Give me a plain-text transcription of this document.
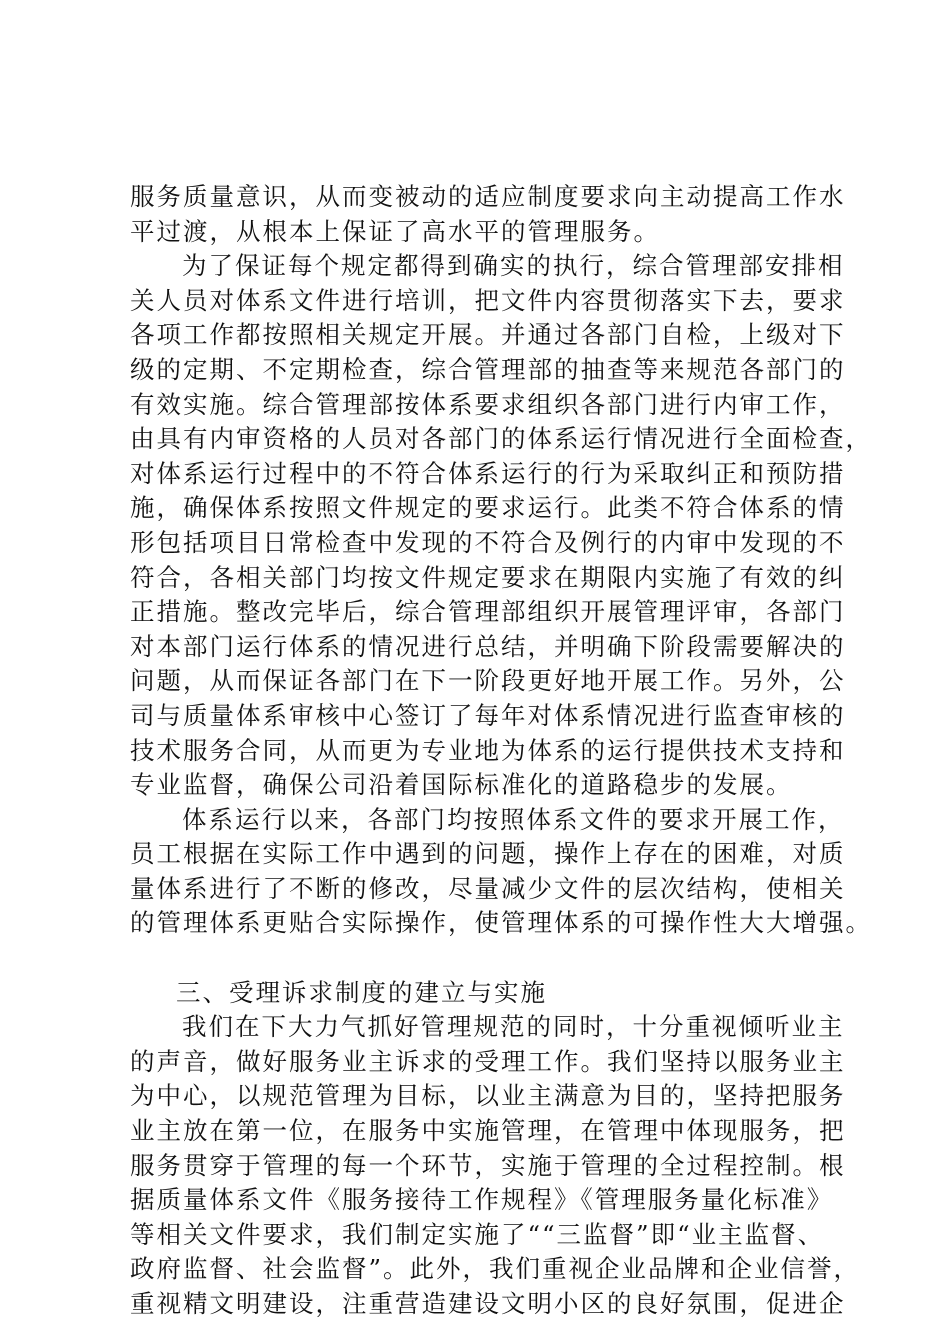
服务质量意识，从而变被动的适应制度要求向主动提高工作水
平过渡，从根本上保证了高水平的管理服务。
为了保证每个规定都得到确实的执行，综合管理部安排相
关人员对体系文件进行培训，把文件内容贯彻落实下去，要求
各项工作都按照相关规定开展。并通过各部门自检，上级对下
级的定期、不定期检查，综合管理部的抽查等来规范各部门的
有效实施。综合管理部按体系要求组织各部门进行内审工作，
由具有内审资格的人员对各部门的体系运行情况进行全面检查，
对体系运行过程中的不符合体系运行的行为采取纠正和预防措
施，确保体系按照文件规定的要求运行。此类不符合体系的情
形包括项目日常检查中发现的不符合及例行的内审中发现的不
符合，各相关部门均按文件规定要求在期限内实施了有效的纠
正措施。整改完毕后，综合管理部组织开展管理评审，各部门
对本部门运行体系的情况进行总结，并明确下阶段需要解决的
问题，从而保证各部门在下一阶段更好地开展工作。另外，公
司与质量体系审核中心签订了每年对体系情况进行监查审核的
技术服务合同，从而更为专业地为体系的运行提供技术支持和
专业监督，确保公司沿着国际标准化的道路稳步的发展。
体系运行以来，各部门均按照体系文件的要求开展工作，
员工根据在实际工作中遇到的问题，操作上存在的困难，对质
量体系进行了不断的修改，尽量减少文件的层次结构，使相关
的管理体系更贴合实际操作，使管理体系的可操作性大大增强。
三、受理诉求制度的建立与实施
我们在下大力气抓好管理规范的同时，十分重视倾听业主
的声音，做好服务业主诉求的受理工作。我们坚持以服务业主
为中心，以规范管理为目标，以业主满意为目的，坚持把服务
业主放在第一位，在服务中实施管理，在管理中体现服务，把
服务贯穿于管理的每一个环节，实施于管理的全过程控制。根
据质量体系文件《服务接待工作规程》《管理服务量化标准》
等相关文件要求，我们制定实施了““三监督”即“业主监督、
政府监督、社会监督”。此外，我们重视企业品牌和企业信誉，
重视精文明建设，注重营造建设文明小区的良好氛围，促进企
